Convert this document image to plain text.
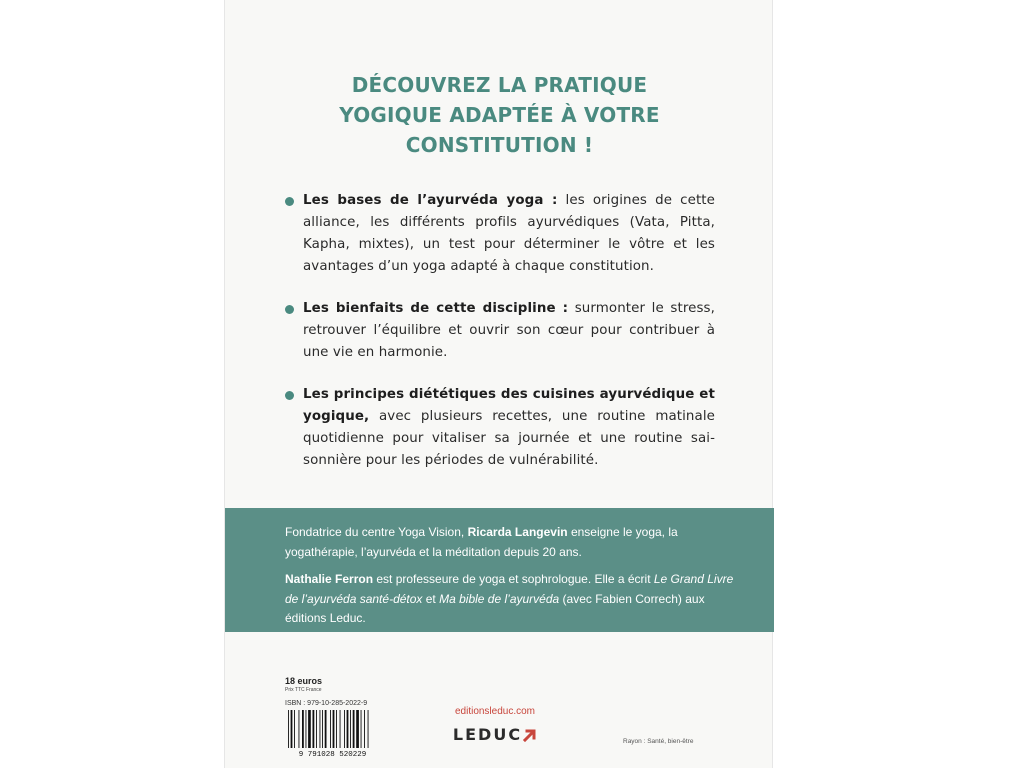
DÉCOUVREZ LA PRATIQUE
YOGIQUE ADAPTÉE À VOTRE
CONSTITUTION !

Les bases de l’ayurvéda yoga : les origines de cette alliance, les différents profils ayurvédiques (Vata, Pitta, Kapha, mixtes), un test pour déterminer le vôtre et les avantages d’un yoga adapté à chaque constitution.

Les bienfaits de cette discipline : surmonter le stress, retrouver l’équilibre et ouvrir son cœur pour contribuer à une vie en harmonie.

Les principes diététiques des cuisines ayurvédique et yogique, avec plusieurs recettes, une routine matinale quotidienne pour vitaliser sa journée et une routine sai-sonnière pour les périodes de vulnérabilité.

Fondatrice du centre Yoga Vision, Ricarda Langevin enseigne le yoga, la yogathérapie, l’ayurvéda et la méditation depuis 20 ans.

Nathalie Ferron est professeure de yoga et sophrologue. Elle a écrit Le Grand Livre de l’ayurvéda santé-détox et Ma bible de l’ayurvéda (avec Fabien Correch) aux éditions Leduc.

18 euros
Prix TTC France
ISBN : 979-10-285-2022-9
9 791028 520229
editionsleduc.com
LEDUC	Rayon : Santé, bien-être
